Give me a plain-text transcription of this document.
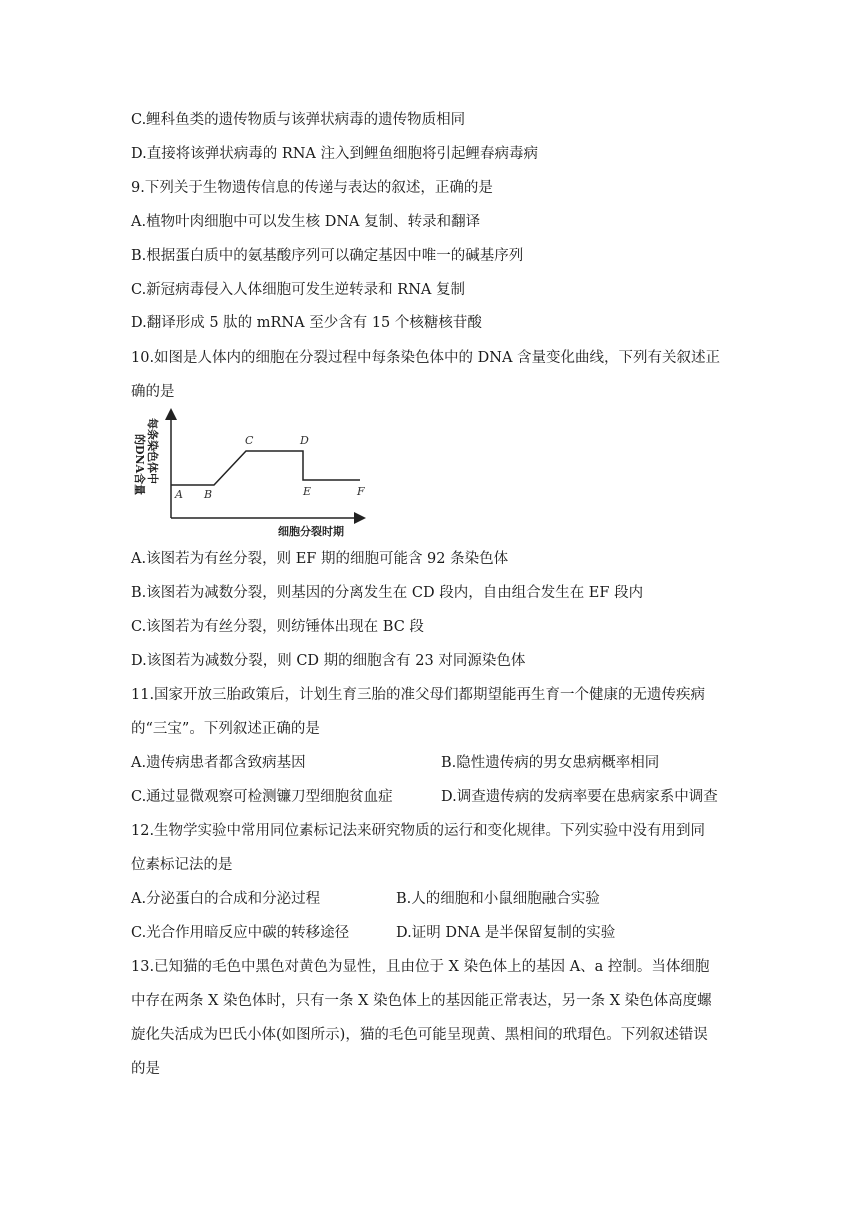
C.鲤科鱼类的遗传物质与该弹状病毒的遗传物质相同
D.直接将该弹状病毒的 RNA 注入到鲤鱼细胞将引起鲤春病毒病
9.下列关于生物遗传信息的传递与表达的叙述，正确的是
A.植物叶肉细胞中可以发生核 DNA 复制、转录和翻译
B.根据蛋白质中的氨基酸序列可以确定基因中唯一的碱基序列
C.新冠病毒侵入人体细胞可发生逆转录和 RNA 复制
D.翻译形成 5 肽的 mRNA 至少含有 15 个核糖核苷酸
10.如图是人体内的细胞在分裂过程中每条染色体中的 DNA 含量变化曲线，下列有关叙述正
确的是
每条染色体中
的DNA含量	A B
C	D
E	F
细胞分裂时期
A.该图若为有丝分裂，则 EF 期的细胞可能含 92 条染色体
B.该图若为减数分裂，则基因的分离发生在 CD 段内，自由组合发生在 EF 段内
C.该图若为有丝分裂，则纺锤体出现在 BC 段
D.该图若为减数分裂，则 CD 期的细胞含有 23 对同源染色体
11.国家开放三胎政策后，计划生育三胎的准父母们都期望能再生育一个健康的无遗传疾病
的“三宝”。下列叙述正确的是
A.遗传病患者都含致病基因	B.隐性遗传病的男女患病概率相同
C.通过显微观察可检测镰刀型细胞贫血症	D.调查遗传病的发病率要在患病家系中调查
12.生物学实验中常用同位素标记法来研究物质的运行和变化规律。下列实验中没有用到同
位素标记法的是
A.分泌蛋白的合成和分泌过程	B.人的细胞和小鼠细胞融合实验
C.光合作用暗反应中碳的转移途径	D.证明 DNA 是半保留复制的实验
13.已知猫的毛色中黑色对黄色为显性，且由位于 X 染色体上的基因 A、a 控制。当体细胞
中存在两条 X 染色体时，只有一条 X 染色体上的基因能正常表达，另一条 X 染色体高度螺
旋化失活成为巴氏小体(如图所示)，猫的毛色可能呈现黄、黑相间的玳瑁色。下列叙述错误
的是
